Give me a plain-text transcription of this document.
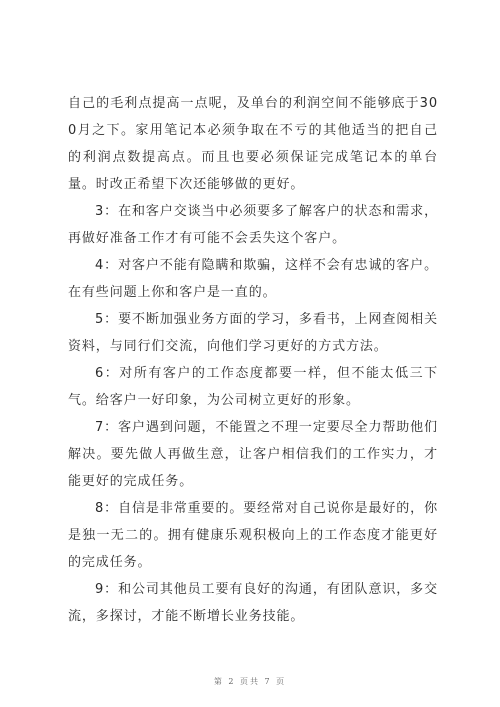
自己的毛利点提高一点呢，及单台的利润空间不能够底于300月之下。家用笔记本必须争取在不亏的其他适当的把自己的利润点数提高点。而且也要必须保证完成笔记本的单台量。时改正希望下次还能够做的更好。

3：在和客户交谈当中必须要多了解客户的状态和需求，再做好准备工作才有可能不会丢失这个客户。

4：对客户不能有隐瞒和欺骗，这样不会有忠诚的客户。在有些问题上你和客户是一直的。

5：要不断加强业务方面的学习，多看书，上网查阅相关资料，与同行们交流，向他们学习更好的方式方法。

6：对所有客户的工作态度都要一样，但不能太低三下气。给客户一好印象，为公司树立更好的形象。

7：客户遇到问题，不能置之不理一定要尽全力帮助他们解决。要先做人再做生意，让客户相信我们的工作实力，才能更好的完成任务。

8：自信是非常重要的。要经常对自己说你是最好的，你是独一无二的。拥有健康乐观积极向上的工作态度才能更好的完成任务。

9：和公司其他员工要有良好的沟通，有团队意识，多交流，多探讨，才能不断增长业务技能。

第 2 页共 7 页
